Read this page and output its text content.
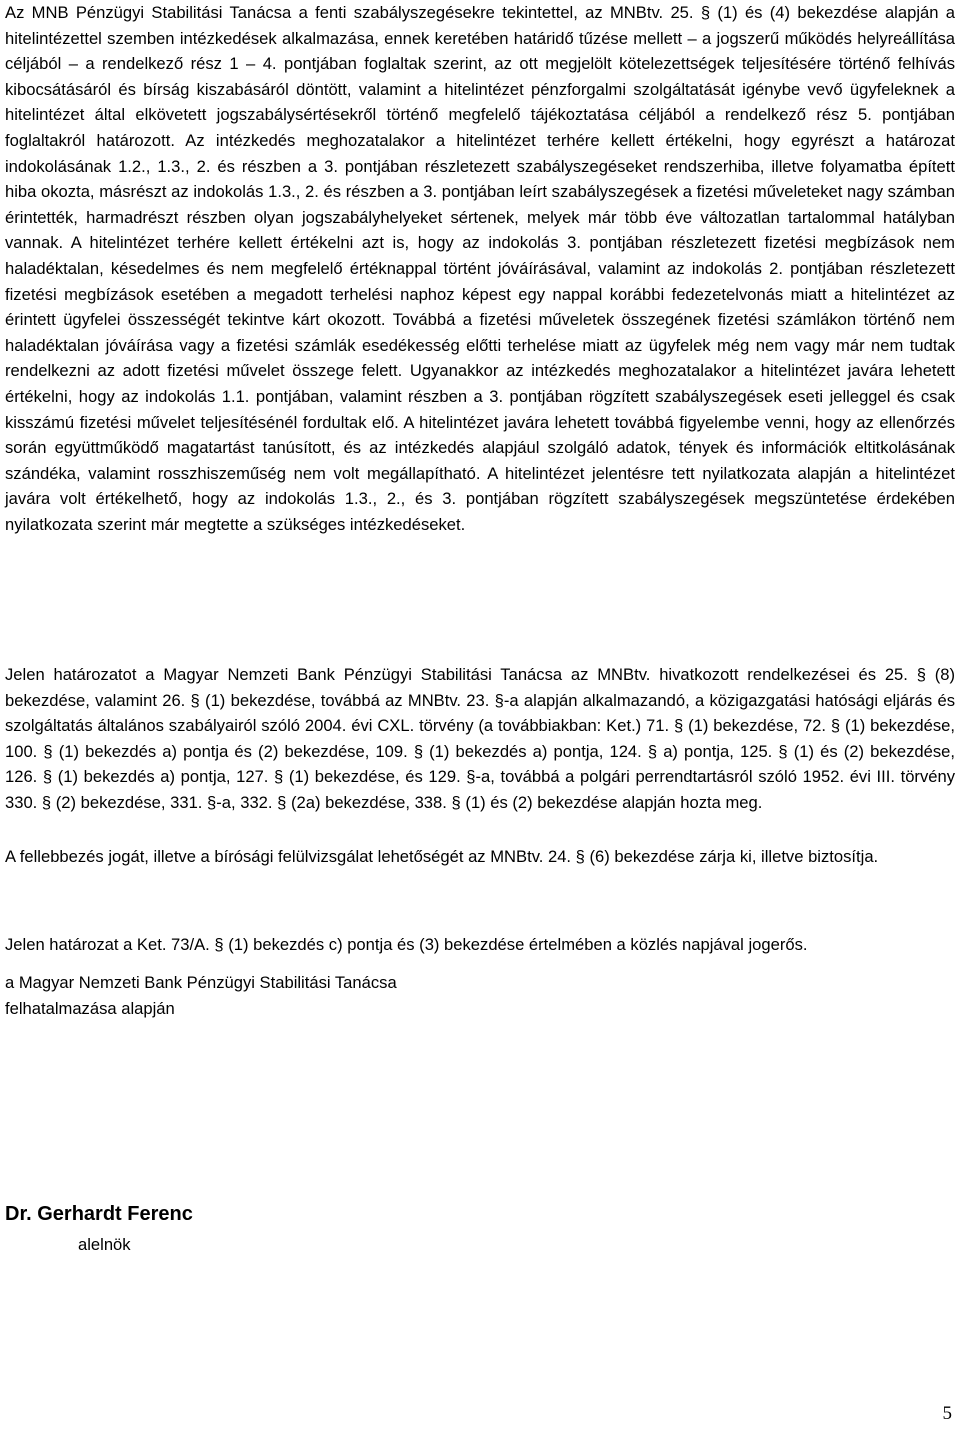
Az MNB Pénzügyi Stabilitási Tanácsa a fenti szabályszegésekre tekintettel, az MNBtv. 25. § (1) és (4) bekezdése alapján a hitelintézettel szemben intézkedések alkalmazása, ennek keretében határidő tűzése mellett – a jogszerű működés helyreállítása céljából – a rendelkező rész 1 – 4. pontjában foglaltak szerint, az ott megjelölt kötelezettségek teljesítésére történő felhívás kibocsátásáról és bírság kiszabásáról döntött, valamint a hitelintézet pénzforgalmi szolgáltatását igénybe vevő ügyfeleknek a hitelintézet által elkövetett jogszabálysértésekről történő megfelelő tájékoztatása céljából a rendelkező rész 5. pontjában foglaltakról határozott. Az intézkedés meghozatalakor a hitelintézet terhére kellett értékelni, hogy egyrészt a határozat indokolásának 1.2., 1.3., 2. és részben a 3. pontjában részletezett szabályszegéseket rendszerhiba, illetve folyamatba épített hiba okozta, másrészt az indokolás 1.3., 2. és részben a 3. pontjában leírt szabályszegések a fizetési műveleteket nagy számban érintették, harmadrészt részben olyan jogszabályhelyeket sértenek, melyek már több éve változatlan tartalommal hatályban vannak. A hitelintézet terhére kellett értékelni azt is, hogy az indokolás 3. pontjában részletezett fizetési megbízások nem haladéktalan, késedelmes és nem megfelelő értéknappal történt jóváírásával, valamint az indokolás 2. pontjában részletezett fizetési megbízások esetében a megadott terhelési naphoz képest egy nappal korábbi fedezetelvonás miatt a hitelintézet az érintett ügyfelei összességét tekintve kárt okozott. Továbbá a fizetési műveletek összegének fizetési számlákon történő nem haladéktalan jóváírása vagy a fizetési számlák esedékesség előtti terhelése miatt az ügyfelek még nem vagy már nem tudtak rendelkezni az adott fizetési művelet összege felett. Ugyanakkor az intézkedés meghozatalakor a hitelintézet javára lehetett értékelni, hogy az indokolás 1.1. pontjában, valamint részben a 3. pontjában rögzített szabályszegések eseti jelleggel és csak kisszámú fizetési művelet teljesítésénél fordultak elő. A hitelintézet javára lehetett továbbá figyelembe venni, hogy az ellenőrzés során együttműködő magatartást tanúsított, és az intézkedés alapjául szolgáló adatok, tények és információk eltitkolásának szándéka, valamint rosszhiszeműség nem volt megállapítható. A hitelintézet jelentésre tett nyilatkozata alapján a hitelintézet javára volt értékelhető, hogy az indokolás 1.3., 2., és 3. pontjában rögzített szabályszegések megszüntetése érdekében nyilatkozata szerint már megtette a szükséges intézkedéseket.

Jelen határozatot a Magyar Nemzeti Bank Pénzügyi Stabilitási Tanácsa az MNBtv. hivatkozott rendelkezései és 25. § (8) bekezdése, valamint 26. § (1) bekezdése, továbbá az MNBtv. 23. §-a alapján alkalmazandó, a közigazgatási hatósági eljárás és szolgáltatás általános szabályairól szóló 2004. évi CXL. törvény (a továbbiakban: Ket.) 71. § (1) bekezdése, 72. § (1) bekezdése, 100. § (1) bekezdés a) pontja és (2) bekezdése, 109. § (1) bekezdés a) pontja, 124. § a) pontja, 125. § (1) és (2) bekezdése, 126. § (1) bekezdés a) pontja, 127. § (1) bekezdése, és 129. §-a, továbbá a polgári perrendtartásról szóló 1952. évi III. törvény 330. § (2) bekezdése, 331. §-a, 332. § (2a) bekezdése, 338. § (1) és (2) bekezdése alapján hozta meg.

A fellebbezés jogát, illetve a bírósági felülvizsgálat lehetőségét az MNBtv. 24. § (6) bekezdése zárja ki, illetve biztosítja.

Jelen határozat a Ket. 73/A. § (1) bekezdés c) pontja és (3) bekezdése értelmében a közlés napjával jogerős.

a Magyar Nemzeti Bank Pénzügyi Stabilitási Tanácsa
felhatalmazása alapján
Dr. Gerhardt Ferenc
alelnök
5
